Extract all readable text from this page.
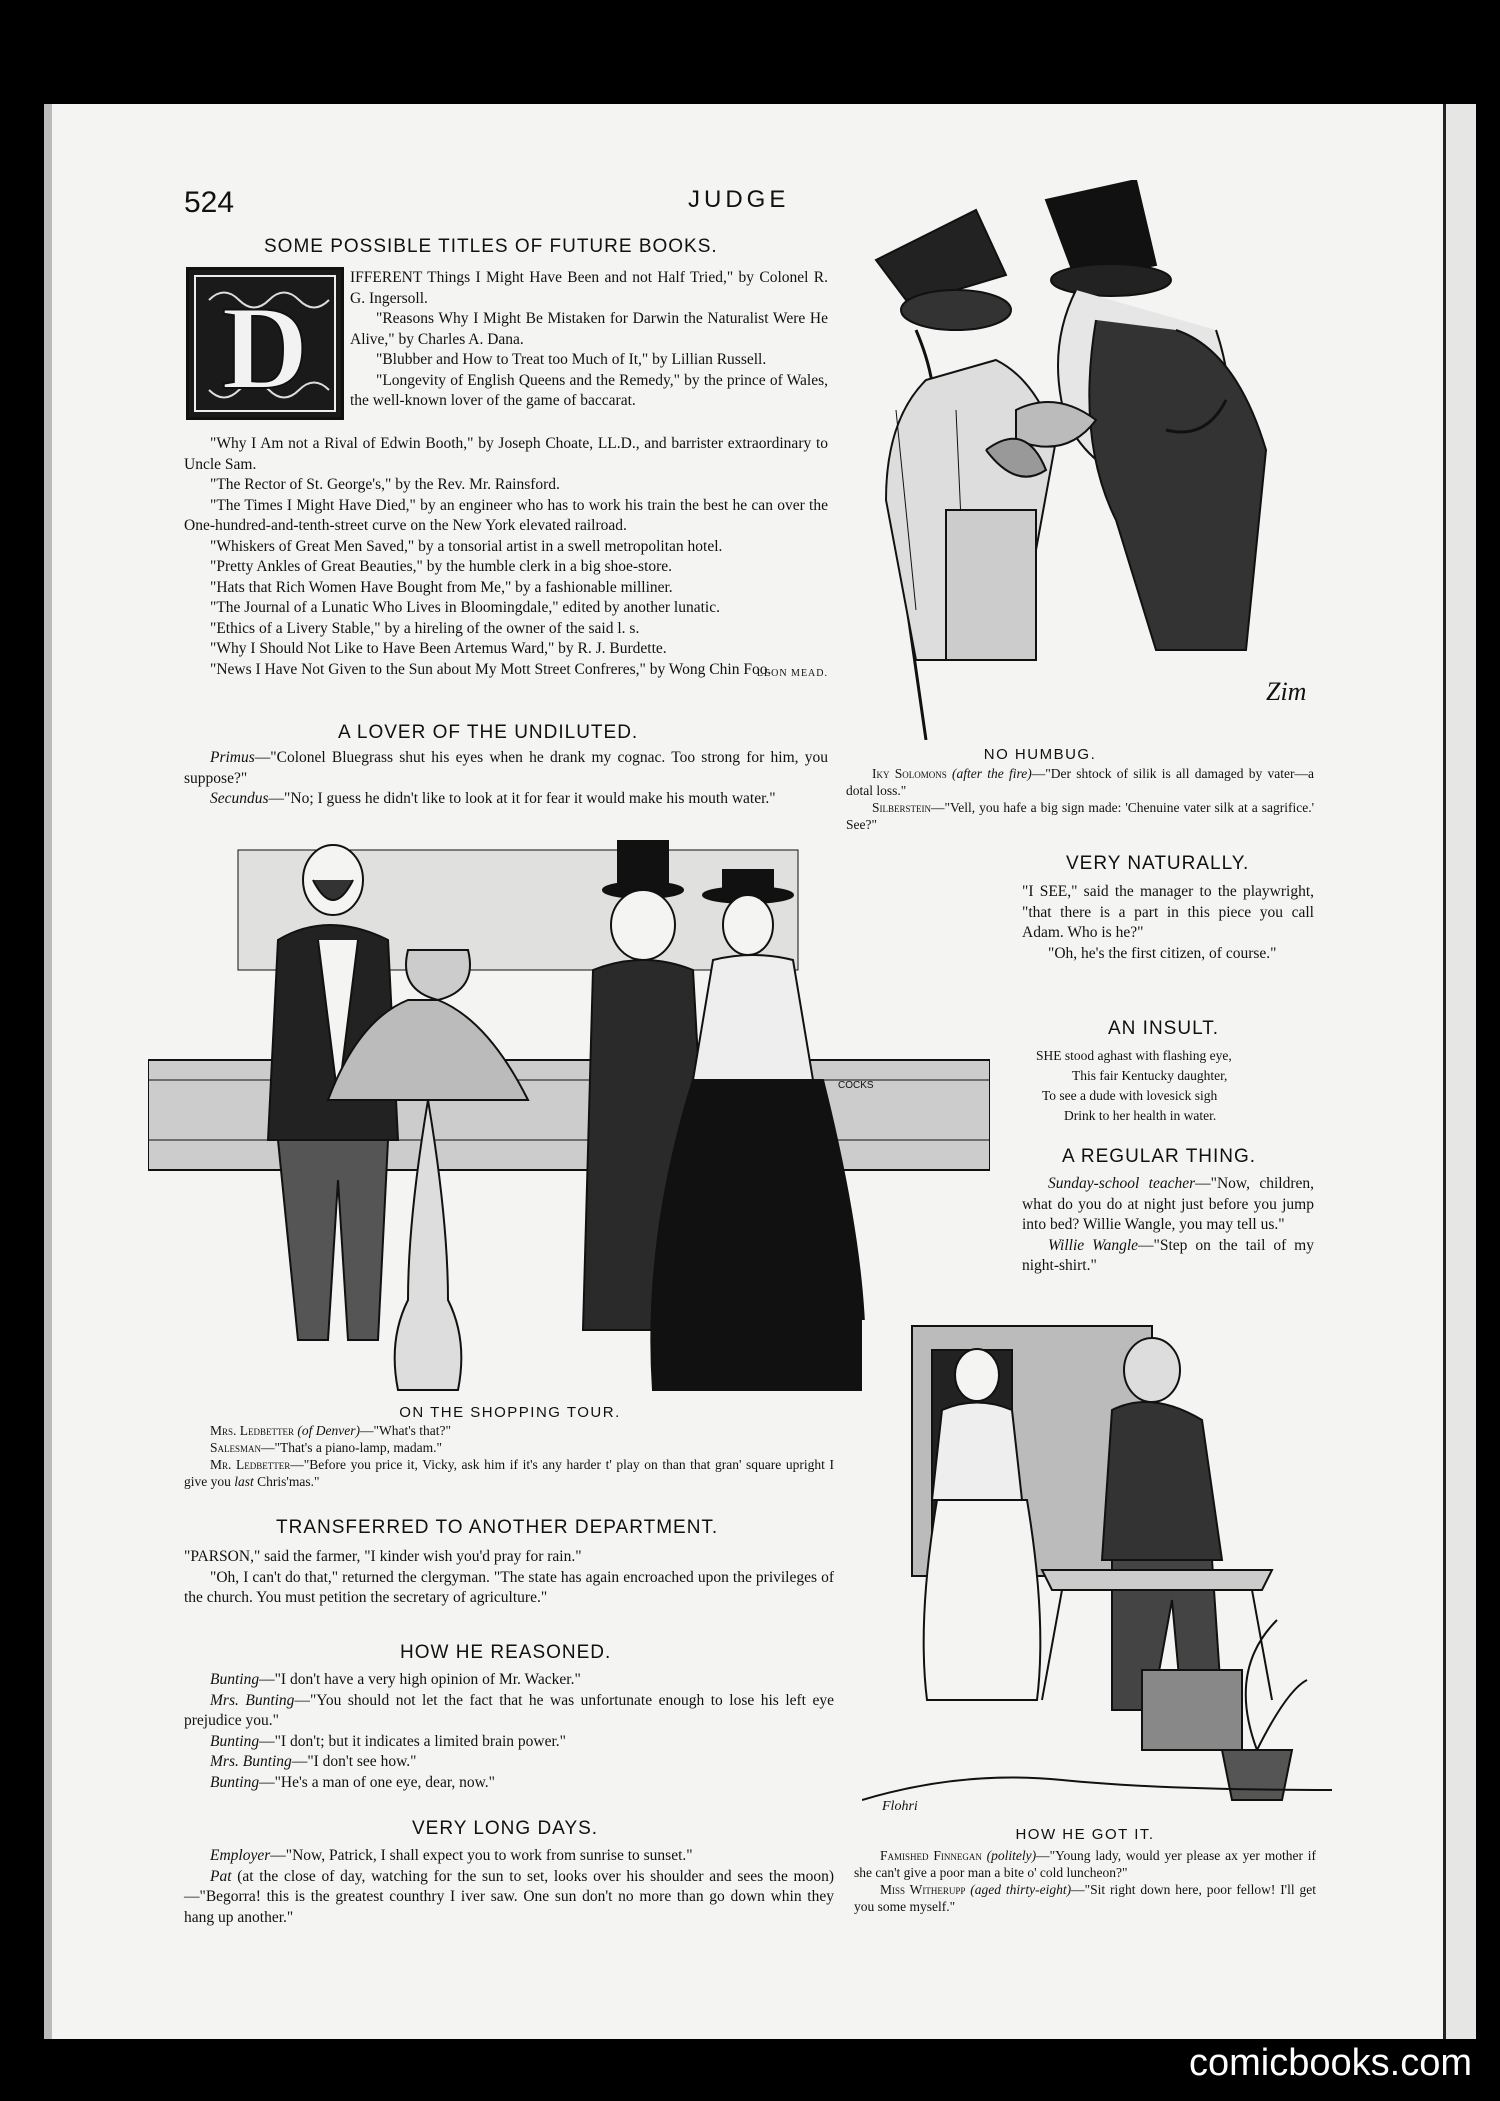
524	JUDGE
SOME POSSIBLE TITLES OF FUTURE BOOKS.
D

IFFERENT Things I Might Have Been and not Half Tried," by Colonel R. G. Ingersoll.

"Reasons Why I Might Be Mistaken for Darwin the Naturalist Were He Alive," by Charles A. Dana.

"Blubber and How to Treat too Much of It," by Lillian Russell.

"Longevity of English Queens and the Remedy," by the prince of Wales, the well-known lover of the game of baccarat.

"Why I Am not a Rival of Edwin Booth," by Joseph Choate, LL.D., and barrister extraordinary to Uncle Sam.

"The Rector of St. George's," by the Rev. Mr. Rainsford.

"The Times I Might Have Died," by an engineer who has to work his train the best he can over the One-hundred-and-tenth-street curve on the New York elevated railroad.

"Whiskers of Great Men Saved," by a tonsorial artist in a swell metropolitan hotel.

"Pretty Ankles of Great Beauties," by the humble clerk in a big shoe-store.

"Hats that Rich Women Have Bought from Me," by a fashionable milliner.

"The Journal of a Lunatic Who Lives in Bloomingdale," edited by another lunatic.

"Ethics of a Livery Stable," by a hireling of the owner of the said l. s.

"Why I Should Not Like to Have Been Artemus Ward," by R. J. Burdette.

"News I Have Not Given to the Sun about My Mott Street Confreres," by Wong Chin Foo.

LEON MEAD.

A LOVER OF THE UNDILUTED.

Primus—"Colonel Bluegrass shut his eyes when he drank my cognac. Too strong for him, you suppose?"

Secundus—"No; I guess he didn't like to look at it for fear it would make his mouth water."

Zim
NO HUMBUG.

Iky Solomons (after the fire)—"Der shtock of silik is all damaged by vater—a dotal loss."

Silberstein—"Vell, you hafe a big sign made: 'Chenuine vater silk at a sagrifice.' See?"

COCKS
ON THE SHOPPING TOUR.

Mrs. Ledbetter (of Denver)—"What's that?"

Salesman—"That's a piano-lamp, madam."

Mr. Ledbetter—"Before you price it, Vicky, ask him if it's any harder t' play on than that gran' square upright I give you last Chris'mas."

VERY NATURALLY.

"I SEE," said the manager to the playwright, "that there is a part in this piece you call Adam. Who is he?"

"Oh, he's the first citizen, of course."

AN INSULT.

SHE stood aghast with flashing eye,

This fair Kentucky daughter,

To see a dude with lovesick sigh

Drink to her health in water.

A REGULAR THING.

Sunday-school teacher—"Now, children, what do you do at night just before you jump into bed? Willie Wangle, you may tell us."

Willie Wangle—"Step on the tail of my night-shirt."

TRANSFERRED TO ANOTHER DEPARTMENT.

"PARSON," said the farmer, "I kinder wish you'd pray for rain."

"Oh, I can't do that," returned the clergyman. "The state has again encroached upon the privileges of the church. You must petition the secretary of agriculture."

HOW HE REASONED.

Bunting—"I don't have a very high opinion of Mr. Wacker."

Mrs. Bunting—"You should not let the fact that he was unfortunate enough to lose his left eye prejudice you."

Bunting—"I don't; but it indicates a limited brain power."

Mrs. Bunting—"I don't see how."

Bunting—"He's a man of one eye, dear, now."

VERY LONG DAYS.

Employer—"Now, Patrick, I shall expect you to work from sunrise to sunset."

Pat (at the close of day, watching for the sun to set, looks over his shoulder and sees the moon)—"Begorra! this is the greatest counthry I iver saw. One sun don't no more than go down whin they hang up another."

Flohri
HOW HE GOT IT.

Famished Finnegan (politely)—"Young lady, would yer please ax yer mother if she can't give a poor man a bite o' cold luncheon?"

Miss Witherupp (aged thirty-eight)—"Sit right down here, poor fellow! I'll get you some myself."

comicbooks.com
